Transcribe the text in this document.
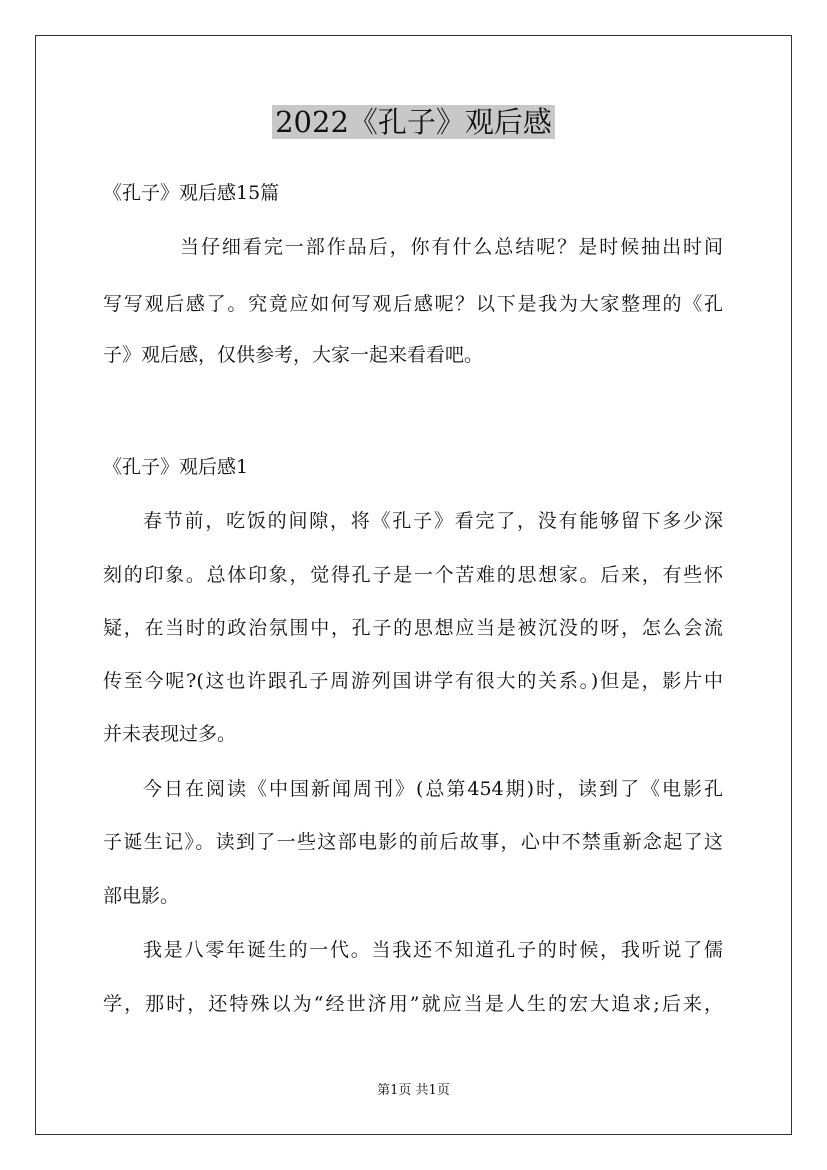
2022《孔子》观后感
《孔子》观后感15篇
当仔细看完一部作品后，你有什么总结呢？是时候抽出时间
写写观后感了。究竟应如何写观后感呢？以下是我为大家整理的《孔
子》观后感，仅供参考，大家一起来看看吧。
《孔子》观后感1
春节前，吃饭的间隙，将《孔子》看完了，没有能够留下多少深
刻的印象。总体印象，觉得孔子是一个苦难的思想家。后来，有些怀
疑，在当时的政治氛围中，孔子的思想应当是被沉没的呀，怎么会流
传至今呢?(这也许跟孔子周游列国讲学有很大的关系。)但是，影片中
并未表现过多。
今日在阅读《中国新闻周刊》(总第454期)时，读到了《电影孔
子诞生记》。读到了一些这部电影的前后故事，心中不禁重新念起了这
部电影。
我是八零年诞生的一代。当我还不知道孔子的时候，我听说了儒
学，那时，还特殊以为“经世济用”就应当是人生的宏大追求;后来，
第1页 共1页
